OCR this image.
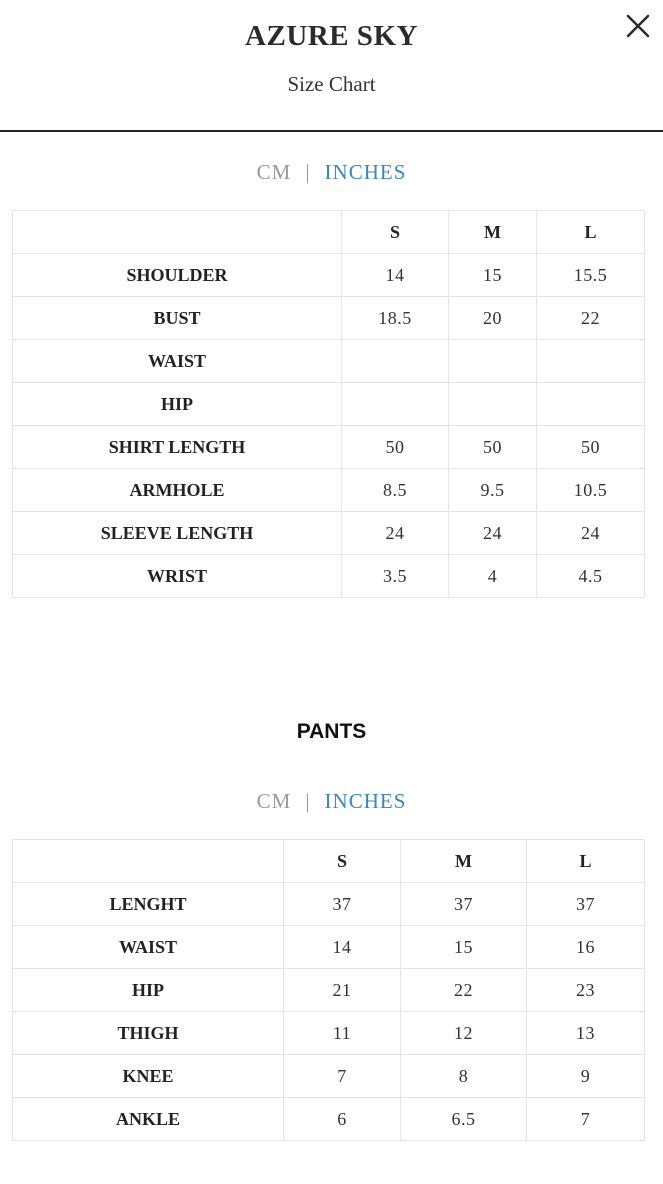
AZURE SKY
Size Chart
CM | INCHES
	S	M	L
SHOULDER	14	15	15.5
BUST	18.5	20	22
WAIST			
HIP			
SHIRT LENGTH	50	50	50
ARMHOLE	8.5	9.5	10.5
SLEEVE LENGTH	24	24	24
WRIST	3.5	4	4.5
PANTS
CM | INCHES
	S	M	L
LENGHT	37	37	37
WAIST	14	15	16
HIP	21	22	23
THIGH	11	12	13
KNEE	7	8	9
ANKLE	6	6.5	7
